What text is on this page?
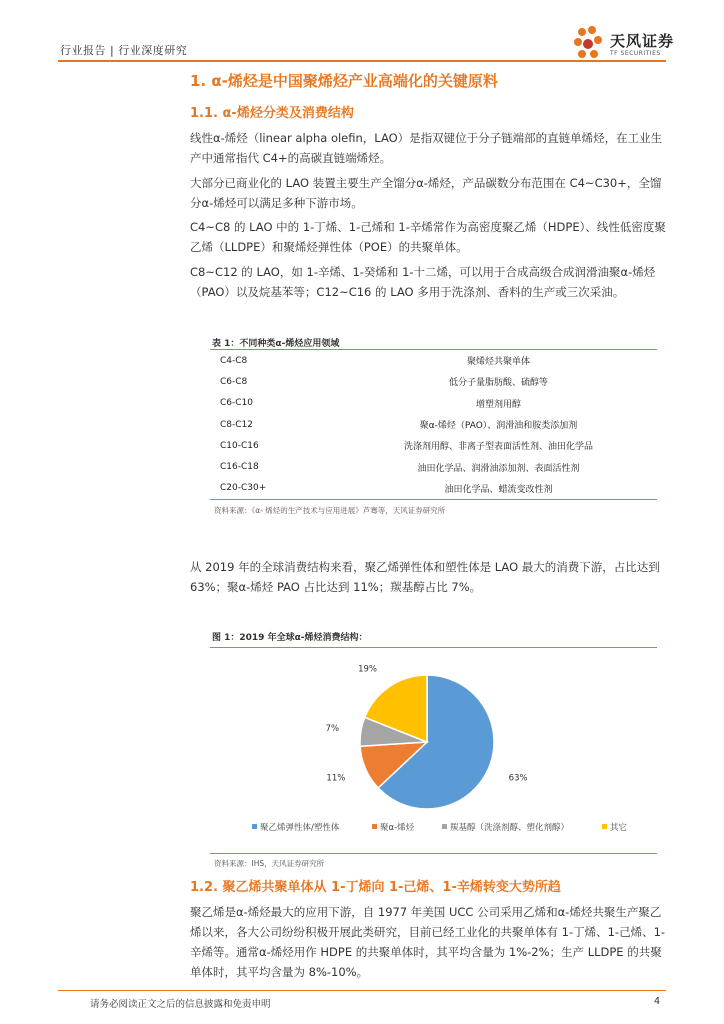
行业报告 | 行业深度研究
天风证券
TF SECURITIES
1. α-烯烃是中国聚烯烃产业高端化的关键原料
1.1. α-烯烃分类及消费结构
线性α-烯烃（linear alpha olefin，LAO）是指双键位于分子链端部的直链单烯烃，在工业生产中通常指代 C4+的高碳直链端烯烃。
大部分已商业化的 LAO 装置主要生产全馏分α-烯烃，产品碳数分布范围在 C4~C30+，全馏分α-烯烃可以满足多种下游市场。
C4~C8 的 LAO 中的 1-丁烯、1-己烯和 1-辛烯常作为高密度聚乙烯（HDPE）、线性低密度聚乙烯（LLDPE）和聚烯烃弹性体（POE）的共聚单体。
C8~C12 的 LAO，如 1-辛烯、1-癸烯和 1-十二烯，可以用于合成高级合成润滑油聚α-烯烃（PAO）以及烷基苯等；C12~C16 的 LAO 多用于洗涤剂、香料的生产或三次采油。
表 1：不同种类α-烯烃应用领域
C4-C8	聚烯烃共聚单体
C6-C8	低分子量脂肪酸、硫醇等
C6-C10	增塑剂用醇
C8-C12	聚α-烯烃（PAO）、润滑油和胺类添加剂
C10-C16	洗涤剂用醇、非离子型表面活性剂、油田化学品
C16-C18	油田化学品、润滑油添加剂、表面活性剂
C20-C30+	油田化学品、蜡流变改性剂
资料来源：《α- 烯烃的生产技术与应用进展》芦骞等，天风证券研究所
从 2019 年的全球消费结构来看，聚乙烯弹性体和塑性体是 LAO 最大的消费下游，占比达到 63%；聚α-烯烃 PAO 占比达到 11%；羰基醇占比 7%。
图 1：2019 年全球α-烯烃消费结构：
63%
11%
7%
19%
聚乙烯弹性体/塑性体	聚α-烯烃	羰基醇（洗涤剂醇、塑化剂醇）	其它
资料来源：IHS，天风证券研究所
1.2. 聚乙烯共聚单体从 1-丁烯向 1-己烯、1-辛烯转变大势所趋
聚乙烯是α-烯烃最大的应用下游，自 1977 年美国 UCC 公司采用乙烯和α-烯烃共聚生产聚乙烯以来，各大公司纷纷积极开展此类研究，目前已经工业化的共聚单体有 1-丁烯、1-己烯、1-辛烯等。通常α-烯烃用作 HDPE 的共聚单体时，其平均含量为 1%-2%；生产 LLDPE 的共聚单体时，其平均含量为 8%-10%。
请务必阅读正文之后的信息披露和免责申明	4
